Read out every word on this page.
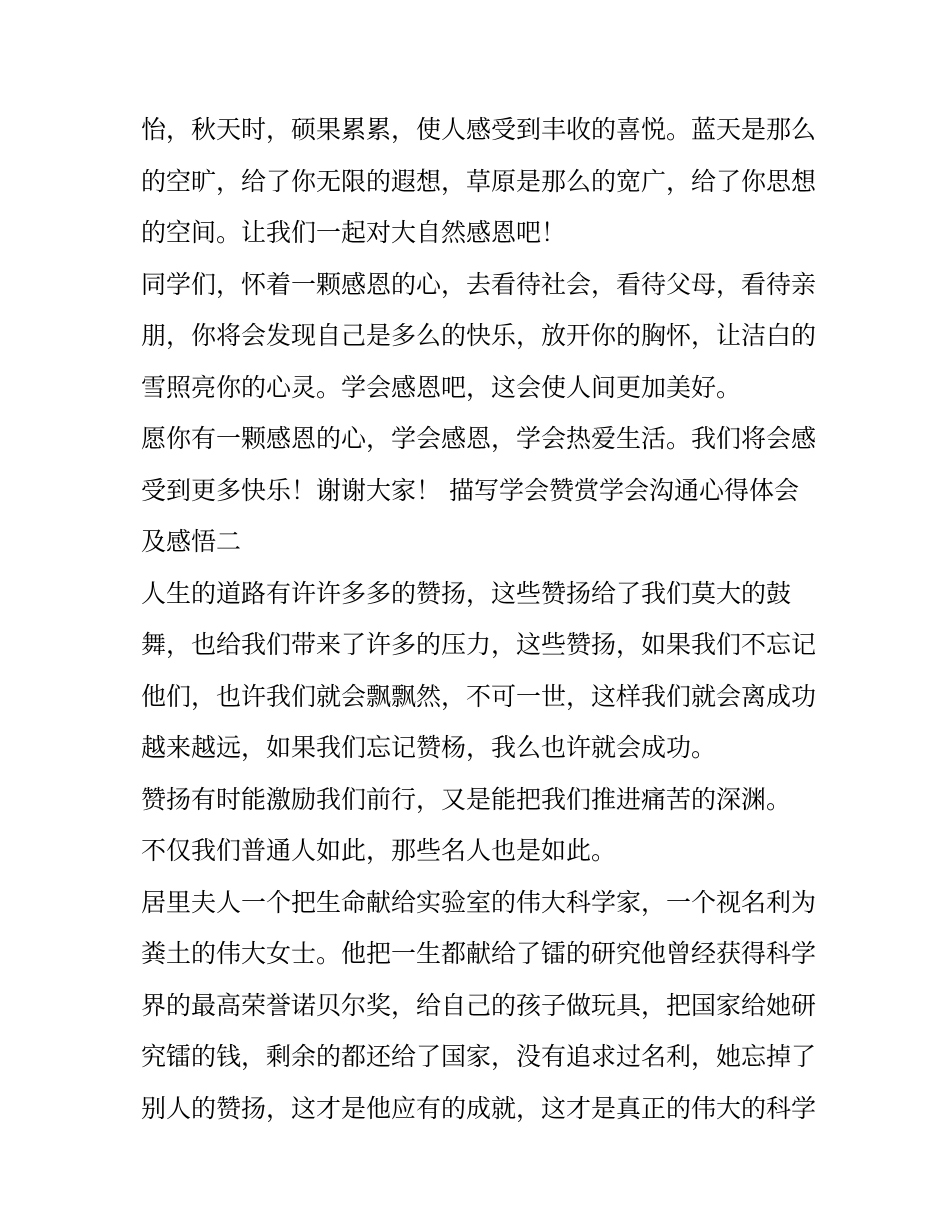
怡，秋天时，硕果累累，使人感受到丰收的喜悦。蓝天是那么
的空旷，给了你无限的遐想，草原是那么的宽广，给了你思想
的空间。让我们一起对大自然感恩吧！
同学们，怀着一颗感恩的心，去看待社会，看待父母，看待亲
朋，你将会发现自己是多么的快乐，放开你的胸怀，让洁白的
雪照亮你的心灵。学会感恩吧，这会使人间更加美好。
愿你有一颗感恩的心，学会感恩，学会热爱生活。我们将会感
受到更多快乐！谢谢大家！ 描写学会赞赏学会沟通心得体会
及感悟二
人生的道路有许许多多的赞扬，这些赞扬给了我们莫大的鼓
舞，也给我们带来了许多的压力，这些赞扬，如果我们不忘记
他们，也许我们就会飘飘然，不可一世，这样我们就会离成功
越来越远，如果我们忘记赞杨，我么也许就会成功。
赞扬有时能激励我们前行，又是能把我们推进痛苦的深渊。
不仅我们普通人如此，那些名人也是如此。
居里夫人一个把生命献给实验室的伟大科学家，一个视名利为
粪土的伟大女士。他把一生都献给了镭的研究他曾经获得科学
界的最高荣誉诺贝尔奖，给自己的孩子做玩具，把国家给她研
究镭的钱，剩余的都还给了国家，没有追求过名利，她忘掉了
别人的赞扬，这才是他应有的成就，这才是真正的伟大的科学
